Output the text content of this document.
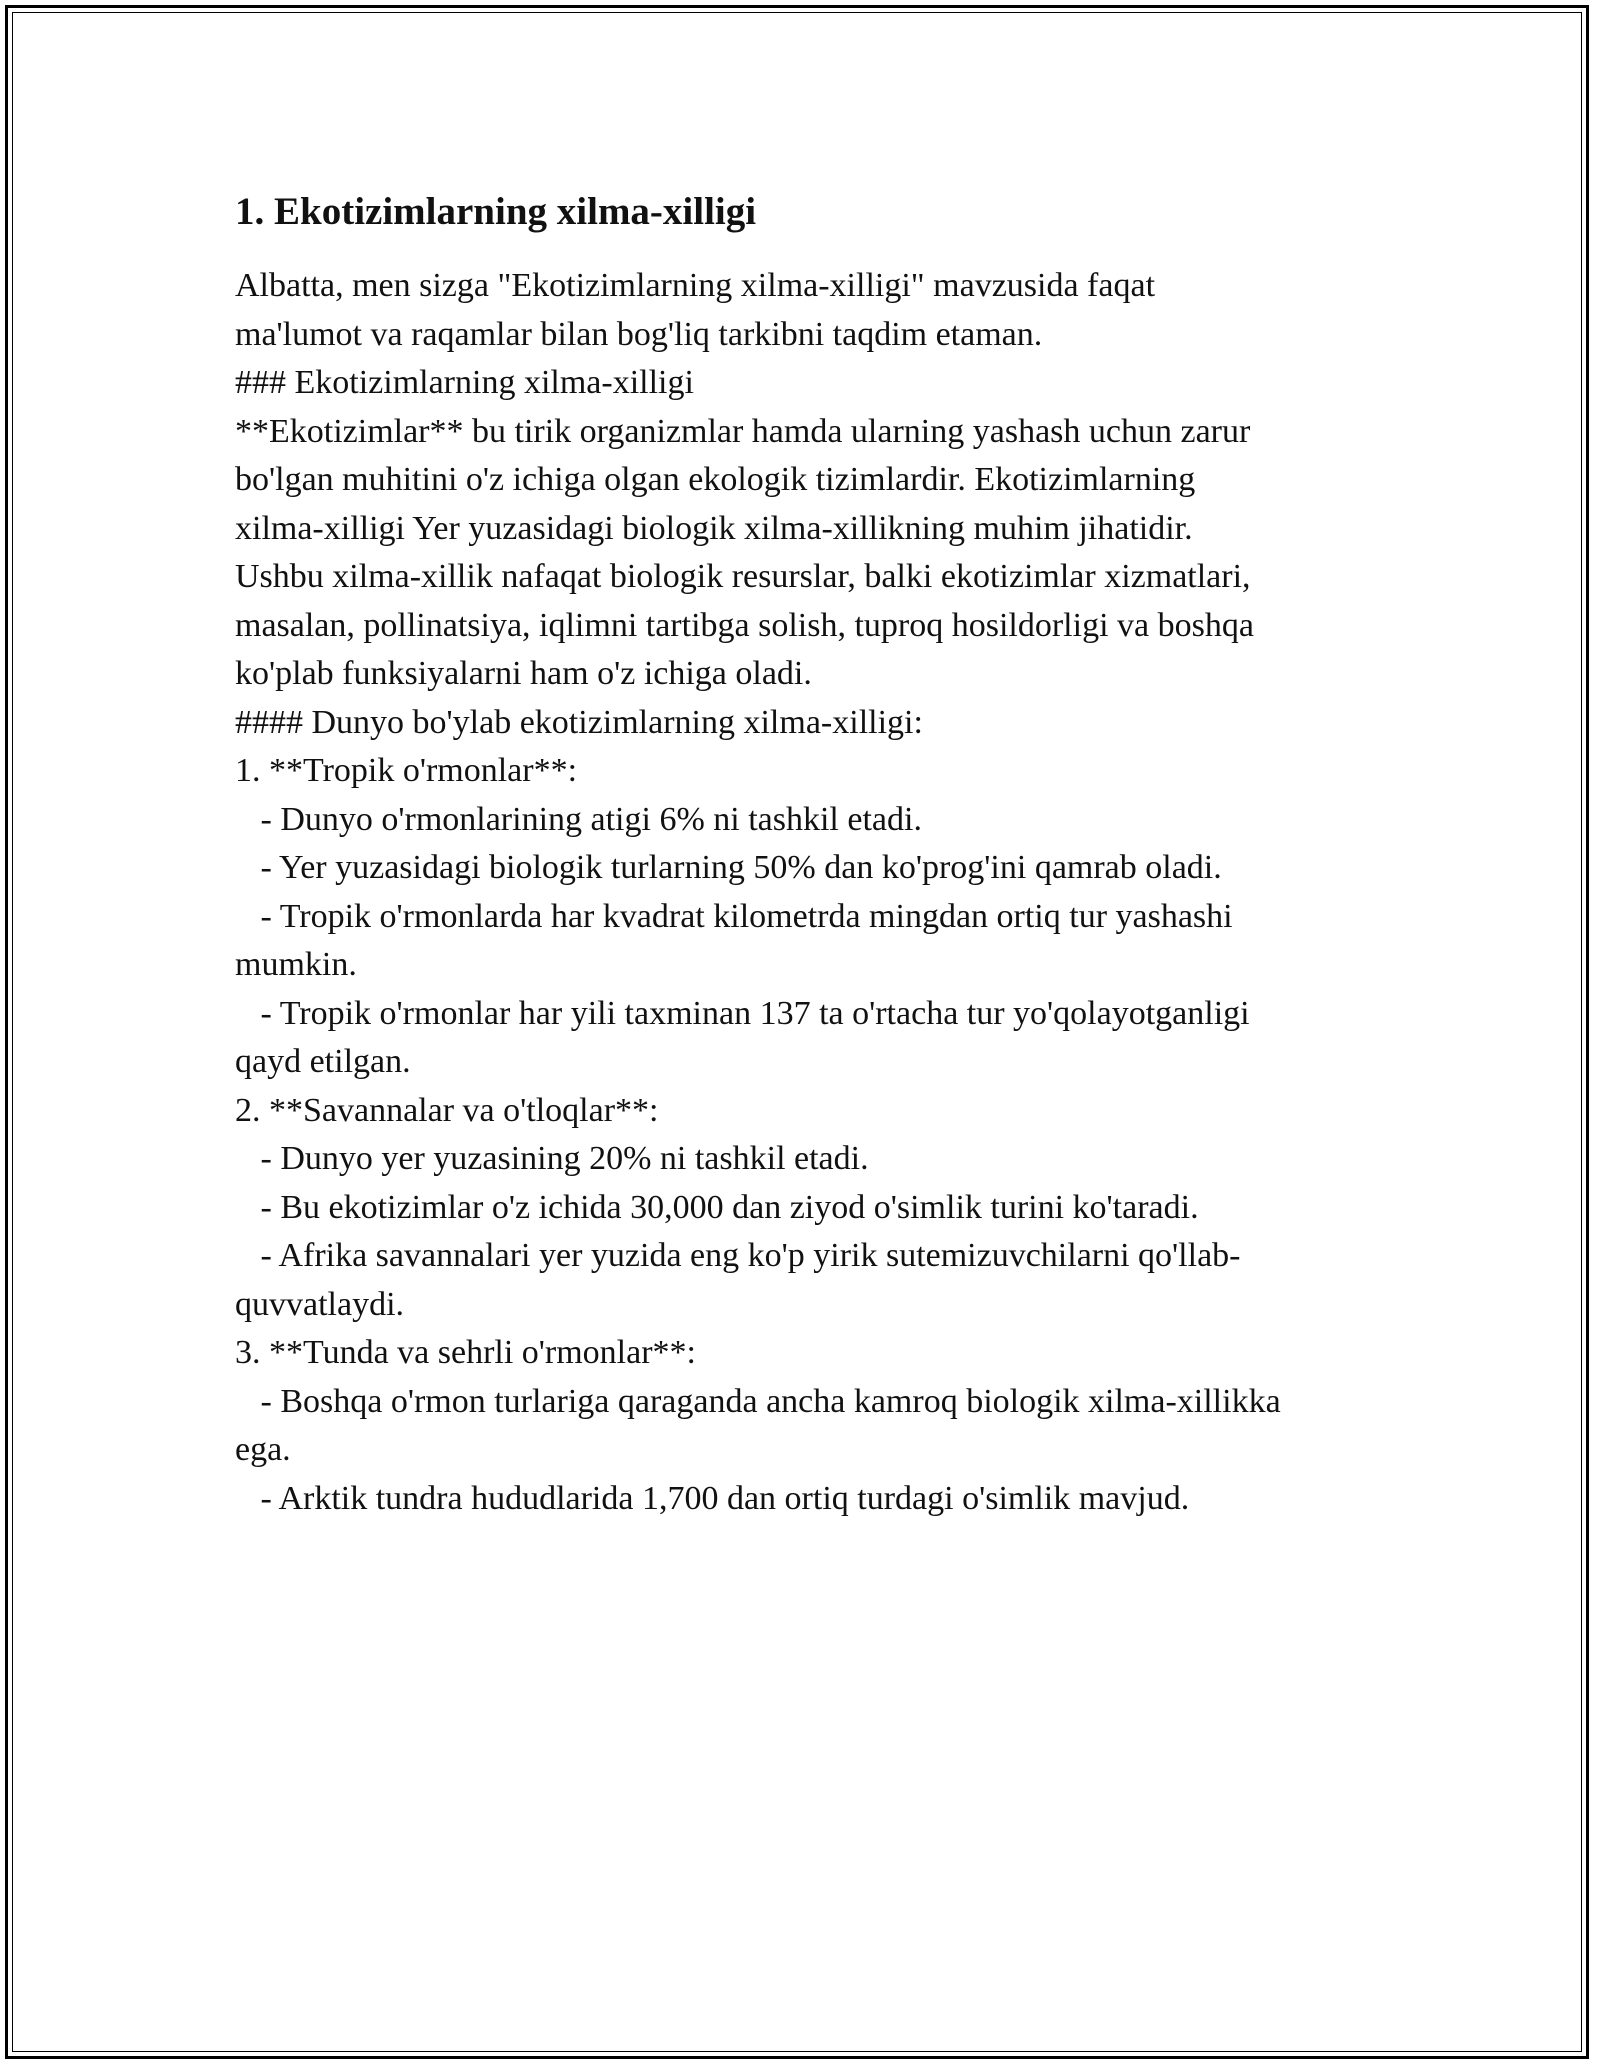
1. Ekotizimlarning xilma-xilligi

Albatta, men sizga "Ekotizimlarning xilma-xilligi" mavzusida faqat
ma'lumot va raqamlar bilan bog'liq tarkibni taqdim etaman.

### Ekotizimlarning xilma-xilligi

**Ekotizimlar** bu tirik organizmlar hamda ularning yashash uchun zarur
bo'lgan muhitini o'z ichiga olgan ekologik tizimlardir. Ekotizimlarning
xilma-xilligi Yer yuzasidagi biologik xilma-xillikning muhim jihatidir.
Ushbu xilma-xillik nafaqat biologik resurslar, balki ekotizimlar xizmatlari,
masalan, pollinatsiya, iqlimni tartibga solish, tuproq hosildorligi va boshqa
ko'plab funksiyalarni ham o'z ichiga oladi.

#### Dunyo bo'ylab ekotizimlarning xilma-xilligi:

1. **Tropik o'rmonlar**:
- Dunyo o'rmonlarining atigi 6% ni tashkil etadi.
- Yer yuzasidagi biologik turlarning 50% dan ko'prog'ini qamrab oladi.
- Tropik o'rmonlarda har kvadrat kilometrda mingdan ortiq tur yashashi
mumkin.
- Tropik o'rmonlar har yili taxminan 137 ta o'rtacha tur yo'qolayotganligi
qayd etilgan.

2. **Savannalar va o'tloqlar**:
- Dunyo yer yuzasining 20% ni tashkil etadi.
- Bu ekotizimlar o'z ichida 30,000 dan ziyod o'simlik turini ko'taradi.
- Afrika savannalari yer yuzida eng ko'p yirik sutemizuvchilarni qo'llab-
quvvatlaydi.

3. **Tunda va sehrli o'rmonlar**:
- Boshqa o'rmon turlariga qaraganda ancha kamroq biologik xilma-xillikka
ega.
- Arktik tundra hududlarida 1,700 dan ortiq turdagi o'simlik mavjud.
